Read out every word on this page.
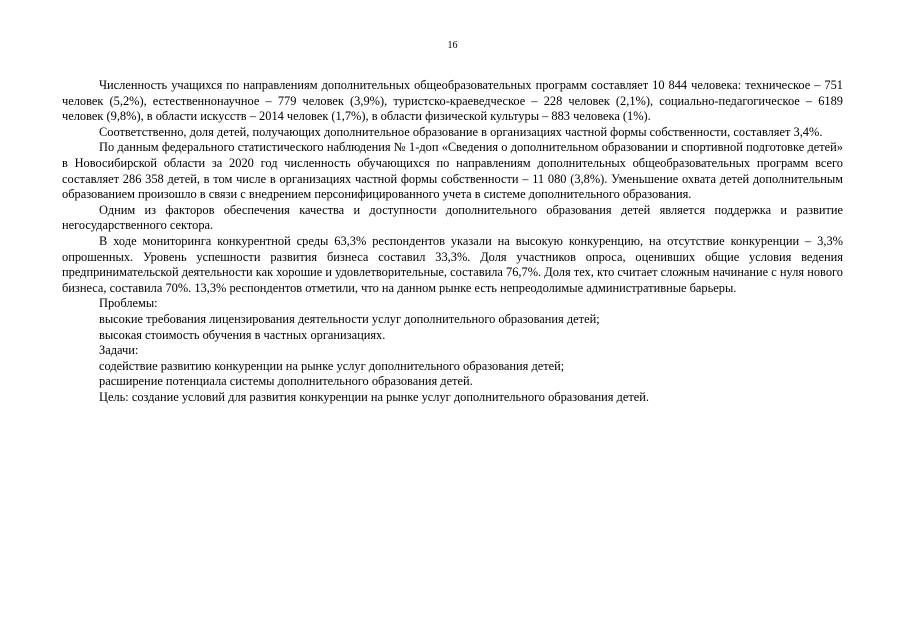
16

Численность учащихся по направлениям дополнительных общеобразовательных программ составляет 10 844 человека: техническое – 751 человек (5,2%), естественнонаучное – 779 человек (3,9%), туристско-краеведческое – 228 человек (2,1%), социально-педагогическое – 6189 человек (9,8%), в области искусств – 2014 человек (1,7%), в области физической культуры – 883 человека (1%).

Соответственно, доля детей, получающих дополнительное образование в организациях частной формы собственности, составляет 3,4%.

По данным федерального статистического наблюдения № 1-доп «Сведения о дополнительном образовании и спортивной подготовке детей» в Новосибирской области за 2020 год численность обучающихся по направлениям дополнительных общеобразовательных программ всего составляет 286 358 детей, в том числе в организациях частной формы собственности – 11 080 (3,8%). Уменьшение охвата детей дополнительным образованием произошло в связи с внедрением персонифицированного учета в системе дополнительного образования.

Одним из факторов обеспечения качества и доступности дополнительного образования детей является поддержка и развитие негосударственного сектора.

В ходе мониторинга конкурентной среды 63,3% респондентов указали на высокую конкуренцию, на отсутствие конкуренции – 3,3% опрошенных. Уровень успешности развития бизнеса составил 33,3%. Доля участников опроса, оценивших общие условия ведения предпринимательской деятельности как хорошие и удовлетворительные, составила 76,7%. Доля тех, кто считает сложным начинание с нуля нового бизнеса, составила 70%. 13,3% респондентов отметили, что на данном рынке есть непреодолимые административные барьеры.

Проблемы:

высокие требования лицензирования деятельности услуг дополнительного образования детей;

высокая стоимость обучения в частных организациях.

Задачи:

содействие развитию конкуренции на рынке услуг дополнительного образования детей;

расширение потенциала системы дополнительного образования детей.

Цель: создание условий для развития конкуренции на рынке услуг дополнительного образования детей.
